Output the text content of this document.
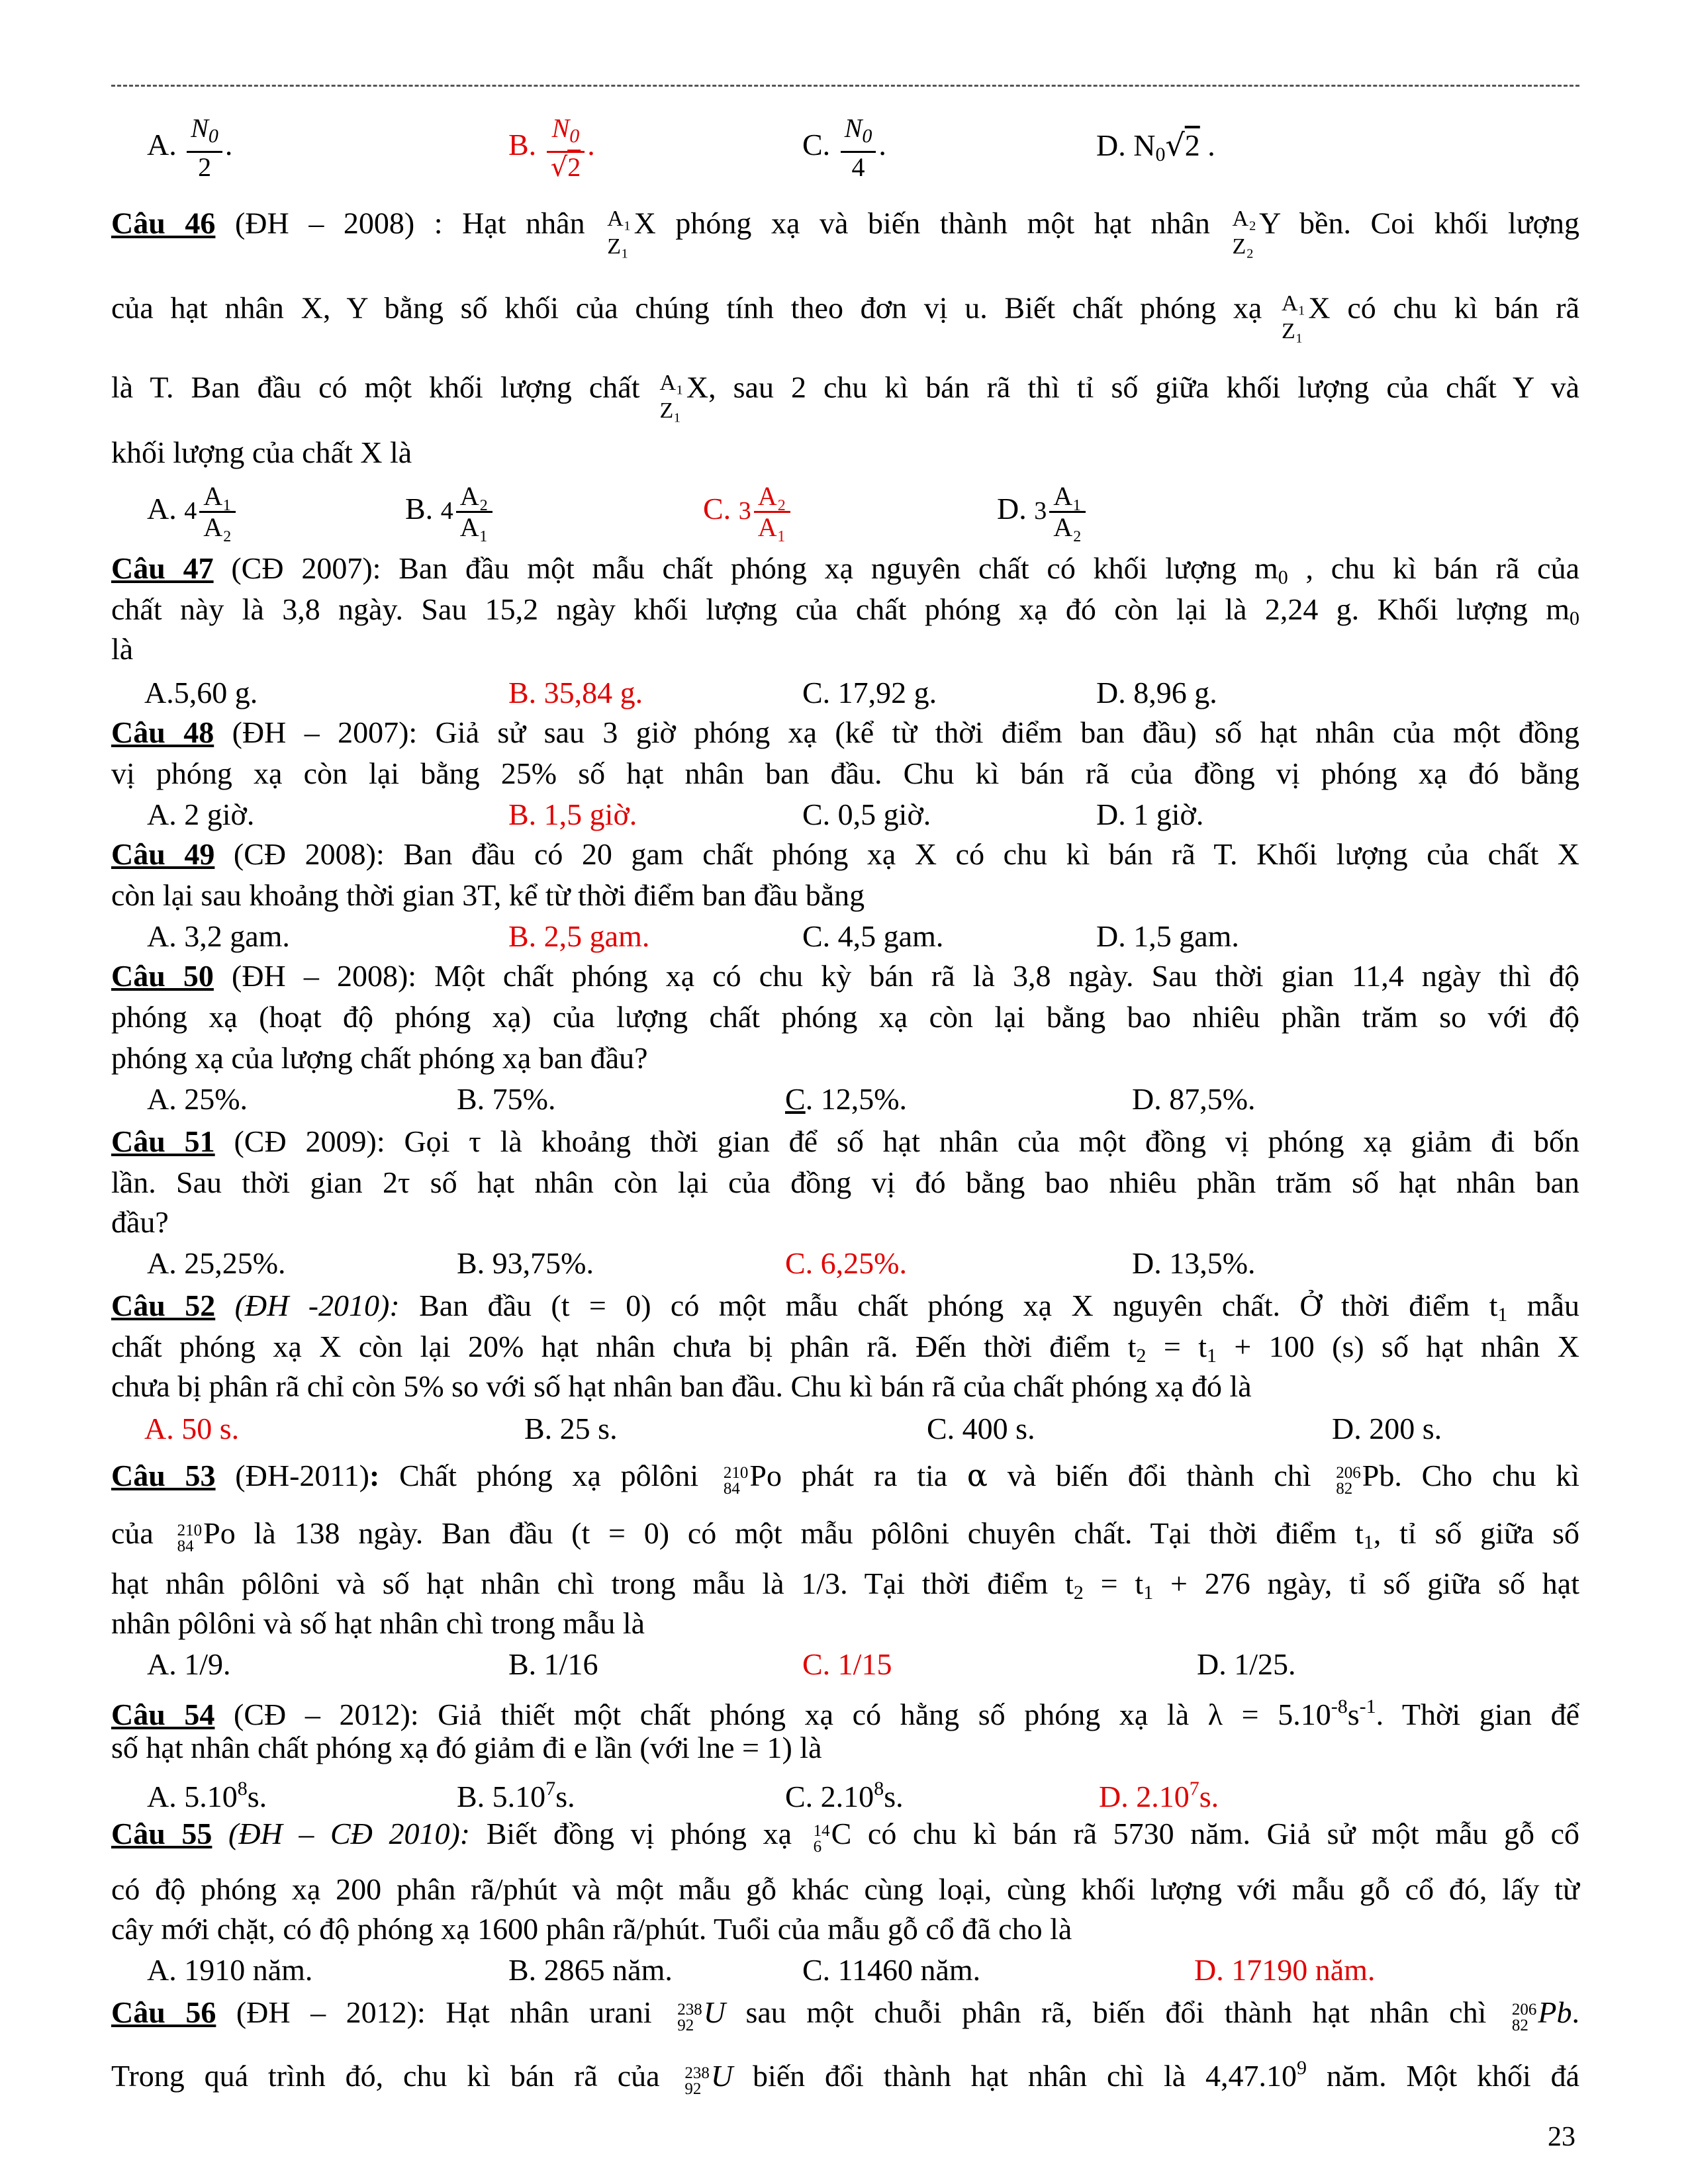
A. $\frac{N_0}{2}$ .	B. $\frac{N_0}{√2}$ .	C. $\frac{N_0}{4}$ .	D. $N_0√2$ .
Câu 46 (ĐH – 2008) : Hạt nhân A₁
Z₁
X phóng xạ và biến thành một hạt nhân A₂
Z₂
Y bền. Coi khối lượng
của hạt nhân X, Y bằng số khối của chúng tính theo đơn vị u. Biết chất phóng xạ A₁
Z₁
X có chu kì bán rã
là T. Ban đầu có một khối lượng chất A₁
Z₁
X, sau 2 chu kì bán rã thì tỉ số giữa khối lượng của chất Y và
khối lượng của chất X là
A. $4 \frac{\text{A₁}}{\text{A₂}}$	B. $4 \frac{\text{A₂}}{\text{A₁}}$	C. $3 \frac{\text{A₂}}{\text{A₁}}$	D. $3 \frac{\text{A₁}}{\text{A₂}}$
Câu 47 (CĐ 2007): Ban đầu một mẫu chất phóng xạ nguyên chất có khối lượng $m_0$ , chu kì bán rã của
chất này là 3,8 ngày. Sau 15,2 ngày khối lượng của chất phóng xạ đó còn lại là 2,24 g. Khối lượng $m_0$
là
A.5,60 g.	B. 35,84 g.	C. 17,92 g.	D. 8,96 g.
Câu 48 (ĐH – 2007): Giả sử sau 3 giờ phóng xạ (kể từ thời điểm ban đầu) số hạt nhân của một đồng
vị phóng xạ còn lại bằng 25% số hạt nhân ban đầu. Chu kì bán rã của đồng vị phóng xạ đó bằng
A. 2 giờ.	B. 1,5 giờ.	C. 0,5 giờ.	D. 1 giờ.
Câu 49 (CĐ 2008): Ban đầu có 20 gam chất phóng xạ X có chu kì bán rã T. Khối lượng của chất X
còn lại sau khoảng thời gian 3T, kể từ thời điểm ban đầu bằng
A. 3,2 gam.	B. 2,5 gam.	C. 4,5 gam.	D. 1,5 gam.
Câu 50 (ĐH – 2008): Một chất phóng xạ có chu kỳ bán rã là 3,8 ngày. Sau thời gian 11,4 ngày thì độ
phóng xạ (hoạt độ phóng xạ) của lượng chất phóng xạ còn lại bằng bao nhiêu phần trăm so với độ
phóng xạ của lượng chất phóng xạ ban đầu?
A. 25%.	B. 75%.	C. 12,5%.	D. 87,5%.
Câu 51 (CĐ 2009): Gọi τ là khoảng thời gian để số hạt nhân của một đồng vị phóng xạ giảm đi bốn
lần. Sau thời gian 2τ số hạt nhân còn lại của đồng vị đó bằng bao nhiêu phần trăm số hạt nhân ban
đầu?
A. 25,25%.	B. 93,75%.	C. 6,25%.	D. 13,5%.
Câu 52 (ĐH -2010): Ban đầu (t = 0) có một mẫu chất phóng xạ X nguyên chất. Ở thời điểm $t_1$ mẫu
chất phóng xạ X còn lại 20% hạt nhân chưa bị phân rã. Đến thời điểm $t_2 = t_1 + 100$ (s) số hạt nhân X
chưa bị phân rã chỉ còn 5% so với số hạt nhân ban đầu. Chu kì bán rã của chất phóng xạ đó là
A. 50 s.	B. 25 s.	C. 400 s.	D. 200 s.
Câu 53 (ĐH-2011): Chất phóng xạ pôlôni 210
84 Po phát ra tia α và biến đổi thành chì 206
82 Pb. Cho chu kì
của 210
84 Po là 138 ngày. Ban đầu (t = 0) có một mẫu pôlôni chuyên chất. Tại thời điểm $t_1$, tỉ số giữa số
hạt nhân pôlôni và số hạt nhân chì trong mẫu là 1/3. Tại thời điểm $t_2 = t_1 + 276$ ngày, tỉ số giữa số hạt
nhân pôlôni và số hạt nhân chì trong mẫu là
A. 1/9.	B. 1/16	C. 1/15	D. 1/25.
Câu 54 (CĐ – 2012): Giả thiết một chất phóng xạ có hằng số phóng xạ là $\lambda = 5.10^{-8}s^{-1}$. Thời gian để
số hạt nhân chất phóng xạ đó giảm đi e lần (với lne = 1) là
A. 5.10$^8$s.	B. 5.10$^7$s.	C. 2.10$^8$s.	D. 2.10$^7$s.
Câu 55 (ĐH – CĐ 2010): Biết đồng vị phóng xạ 14
6 C có chu kì bán rã 5730 năm. Giả sử một mẫu gỗ cổ
có độ phóng xạ 200 phân rã/phút và một mẫu gỗ khác cùng loại, cùng khối lượng với mẫu gỗ cổ đó, lấy từ
cây mới chặt, có độ phóng xạ 1600 phân rã/phút. Tuổi của mẫu gỗ cổ đã cho là
A. 1910 năm.	B. 2865 năm.	C. 11460 năm.	D. 17190 năm.
Câu 56 (ĐH – 2012): Hạt nhân urani 238
92 U sau một chuỗi phân rã, biến đổi thành hạt nhân chì 206
82 Pb.
Trong quá trình đó, chu kì bán rã của 238
92 U biến đổi thành hạt nhân chì là 4,47.10$^9$ năm. Một khối đá
23
